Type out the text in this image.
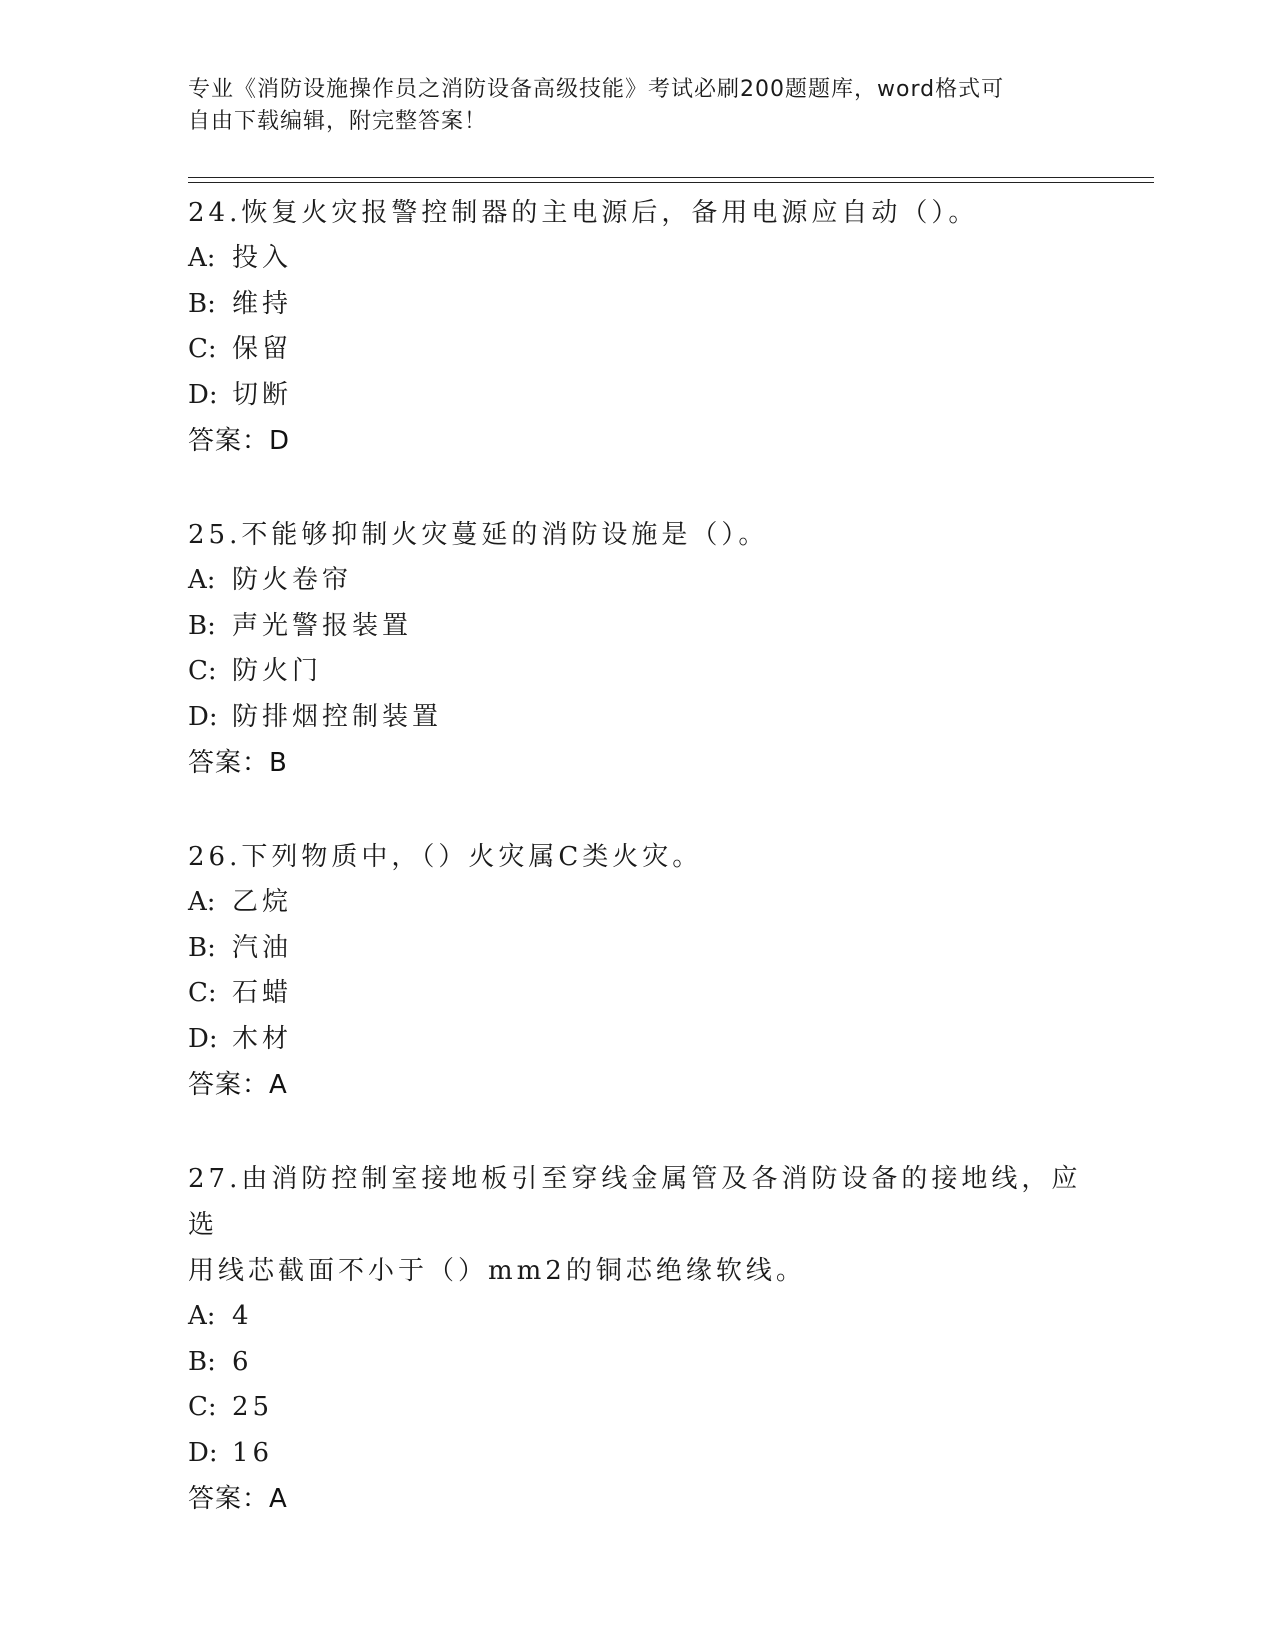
专业《消防设施操作员之消防设备高级技能》考试必刷200题题库，word格式可
自由下载编辑，附完整答案！
24.恢复火灾报警控制器的主电源后，备用电源应自动（）。
A: 投入
B: 维持
C: 保留
D: 切断
答案：D
25.不能够抑制火灾蔓延的消防设施是（）。
A: 防火卷帘
B: 声光警报装置
C: 防火门
D: 防排烟控制装置
答案：B
26.下列物质中，（）火灾属C类火灾。
A: 乙烷
B: 汽油
C: 石蜡
D: 木材
答案：A
27.由消防控制室接地板引至穿线金属管及各消防设备的接地线，应选
用线芯截面不小于（）mm2的铜芯绝缘软线。
A: 4
B: 6
C: 25
D: 16
答案：A
